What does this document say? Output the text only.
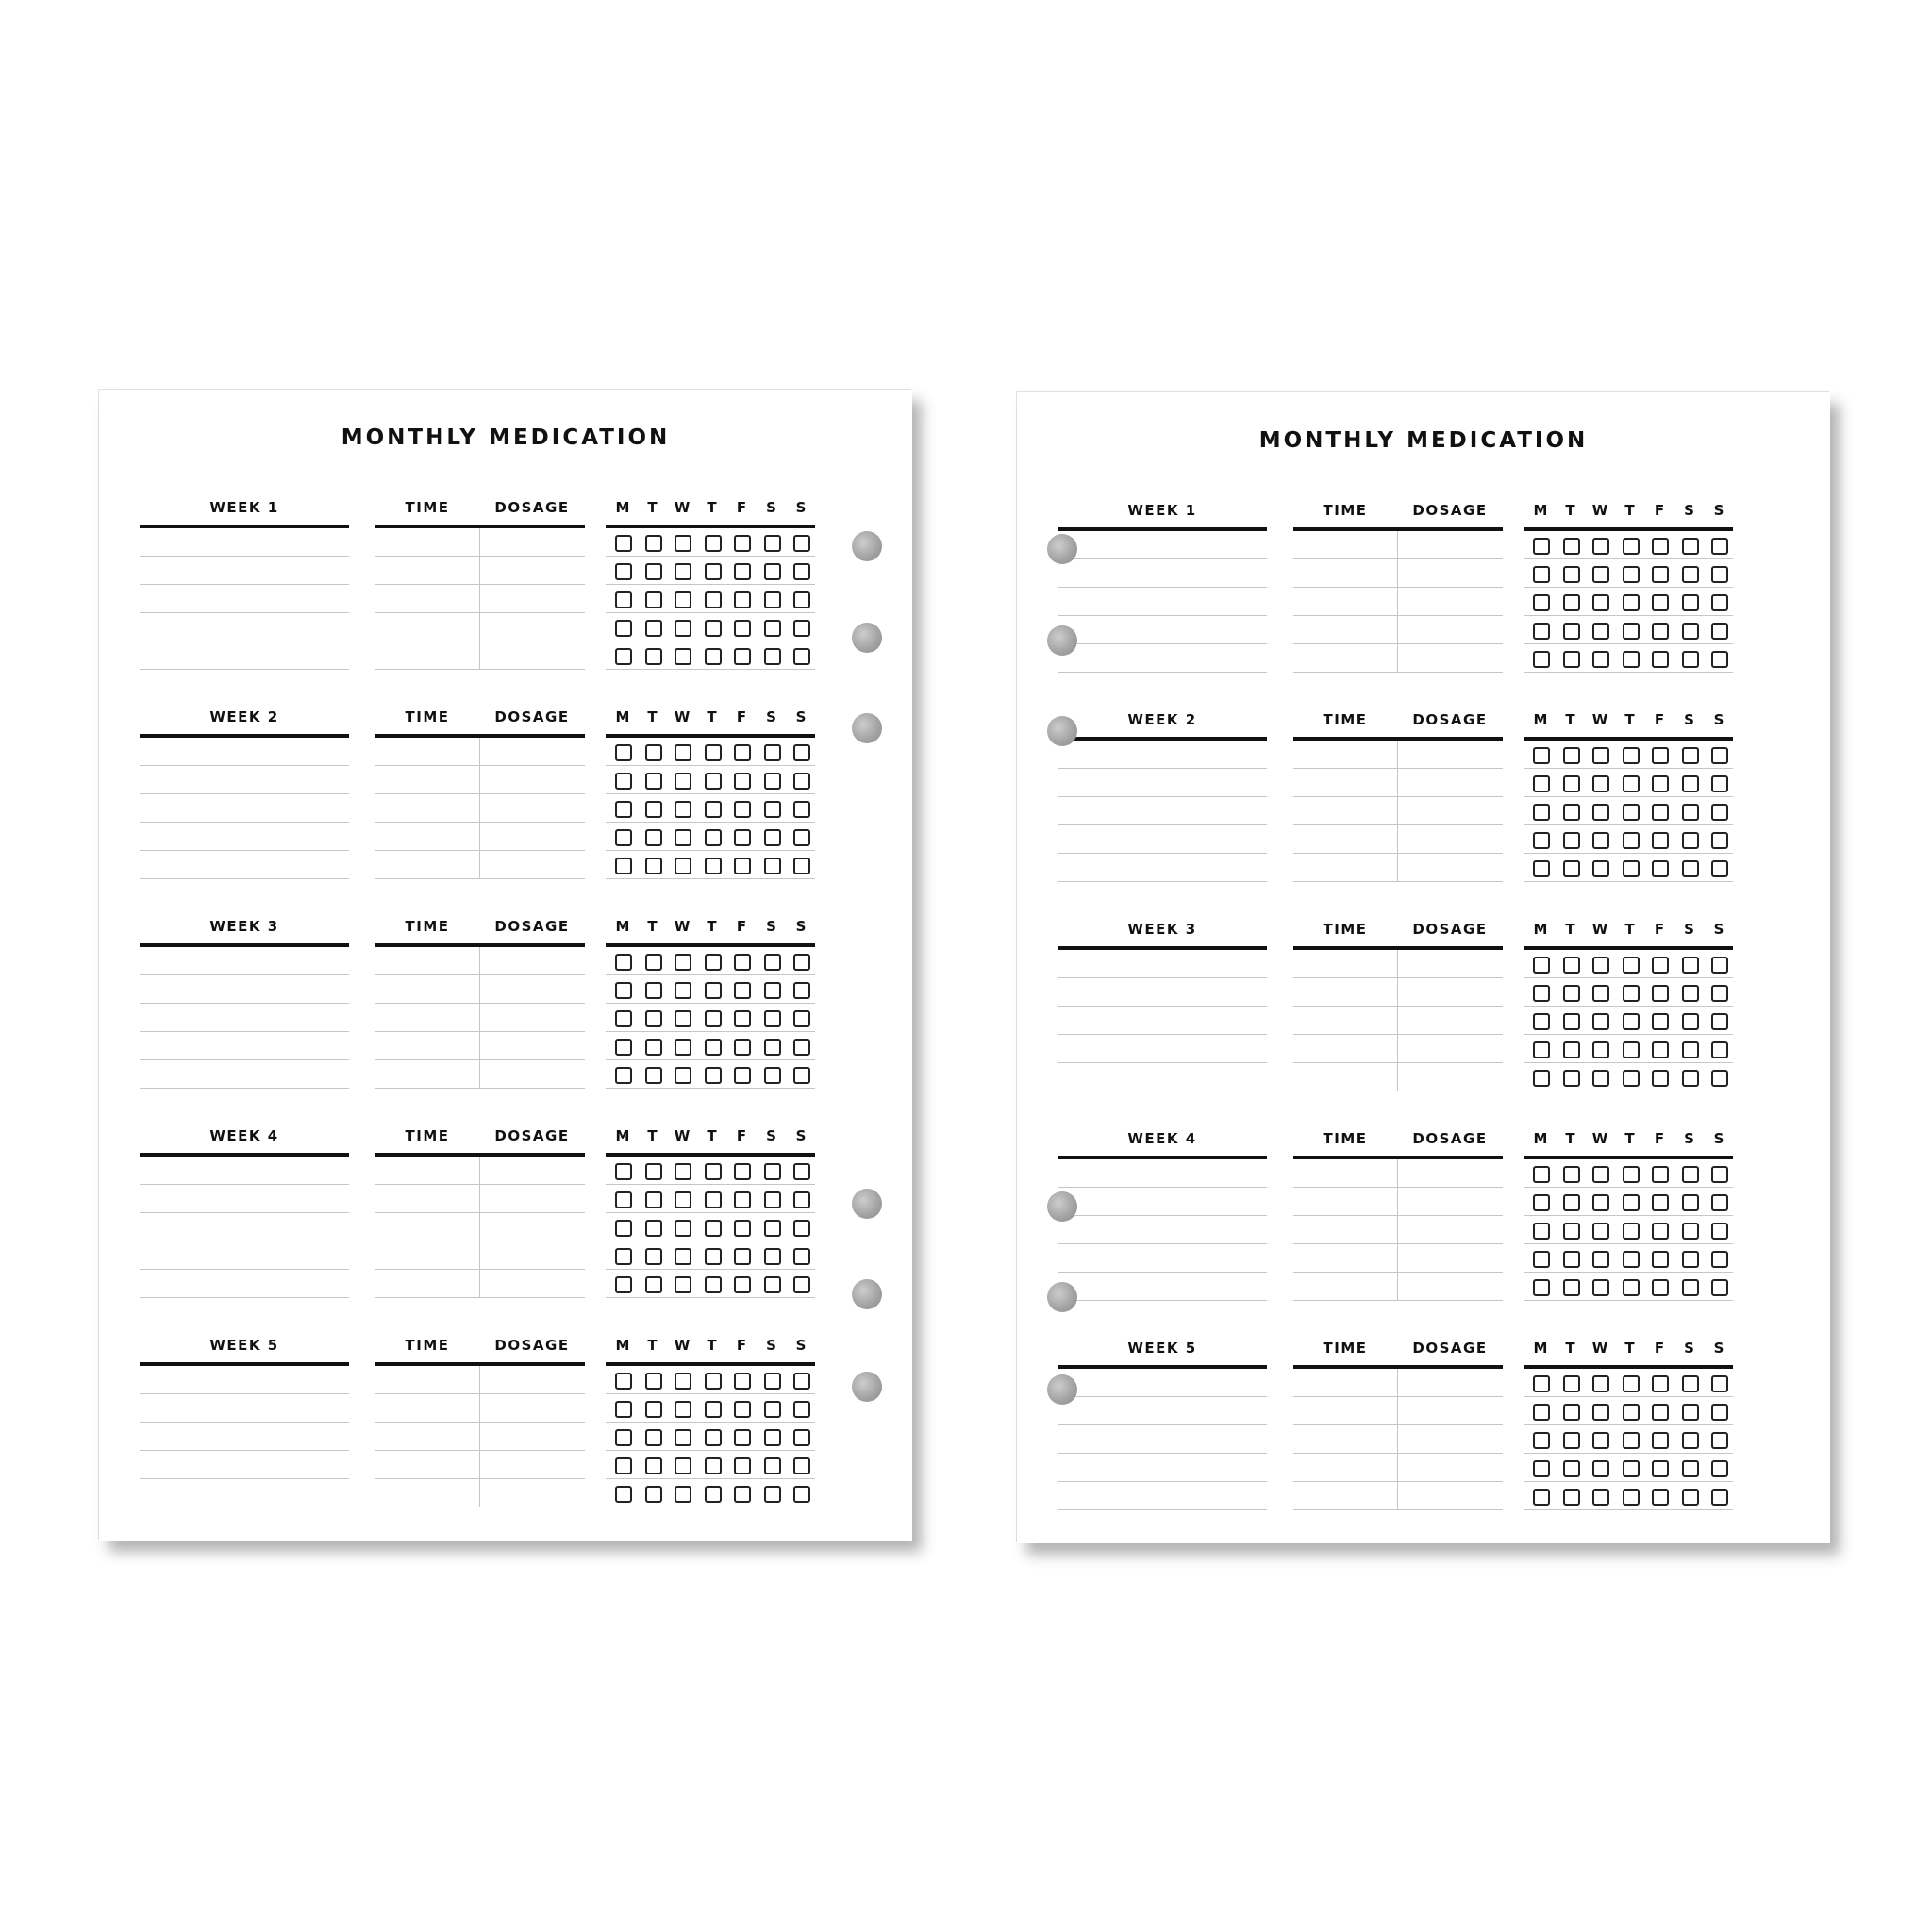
MONTHLY MEDICATION
WEEK 1	TIME	DOSAGE	M	T	W	T	F	S	S
WEEK 2	TIME	DOSAGE	M	T	W	T	F	S	S
WEEK 3	TIME	DOSAGE	M	T	W	T	F	S	S
WEEK 4	TIME	DOSAGE	M	T	W	T	F	S	S
WEEK 5	TIME	DOSAGE	M	T	W	T	F	S	S
MONTHLY MEDICATION
WEEK 1	TIME	DOSAGE	M	T	W	T	F	S	S
WEEK 2	TIME	DOSAGE	M	T	W	T	F	S	S
WEEK 3	TIME	DOSAGE	M	T	W	T	F	S	S
WEEK 4	TIME	DOSAGE	M	T	W	T	F	S	S
WEEK 5	TIME	DOSAGE	M	T	W	T	F	S	S
